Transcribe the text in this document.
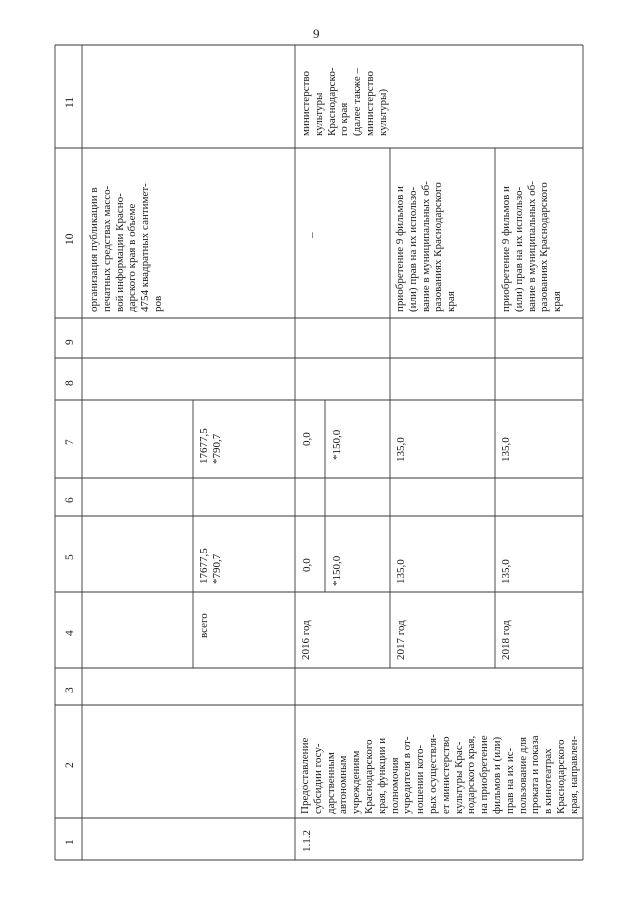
9
1
2
3
4
5
6
7
8
9
10
11
организация публикации в
печатных средствах массо-
вой информации Красно-
дарского края в объеме
4754 квадратных сантимет-
ров
всего
17677,5
*790,7
17677,5
*790,7
1.1.2
Предоставление
субсидии госу-
дарственным
автономным
учреждениям
Краснодарского
края, функции и
полномочия
учредителя в от-
ношении кото-
рых осуществля-
ет министерство
культуры Крас-
нодарского края,
на приобретение
фильмов и (или)
прав на их ис-
пользование для
проката и показа
в кинотеатрах
Краснодарского
края, направлен-
министерство
культуры
Краснодарско-
го края
(далее также –
министерство
культуры)
2016 год
0,0 *150,0
0,0 *150,0
–
2017 год
135,0
135,0
приобретение 9 фильмов и
(или) прав на их использо-
вание в муниципальных об-
разованиях Краснодарского
края
2018 год
135,0
135,0
приобретение 9 фильмов и
(или) прав на их использо-
вание в муниципальных об-
разованиях Краснодарского
края
